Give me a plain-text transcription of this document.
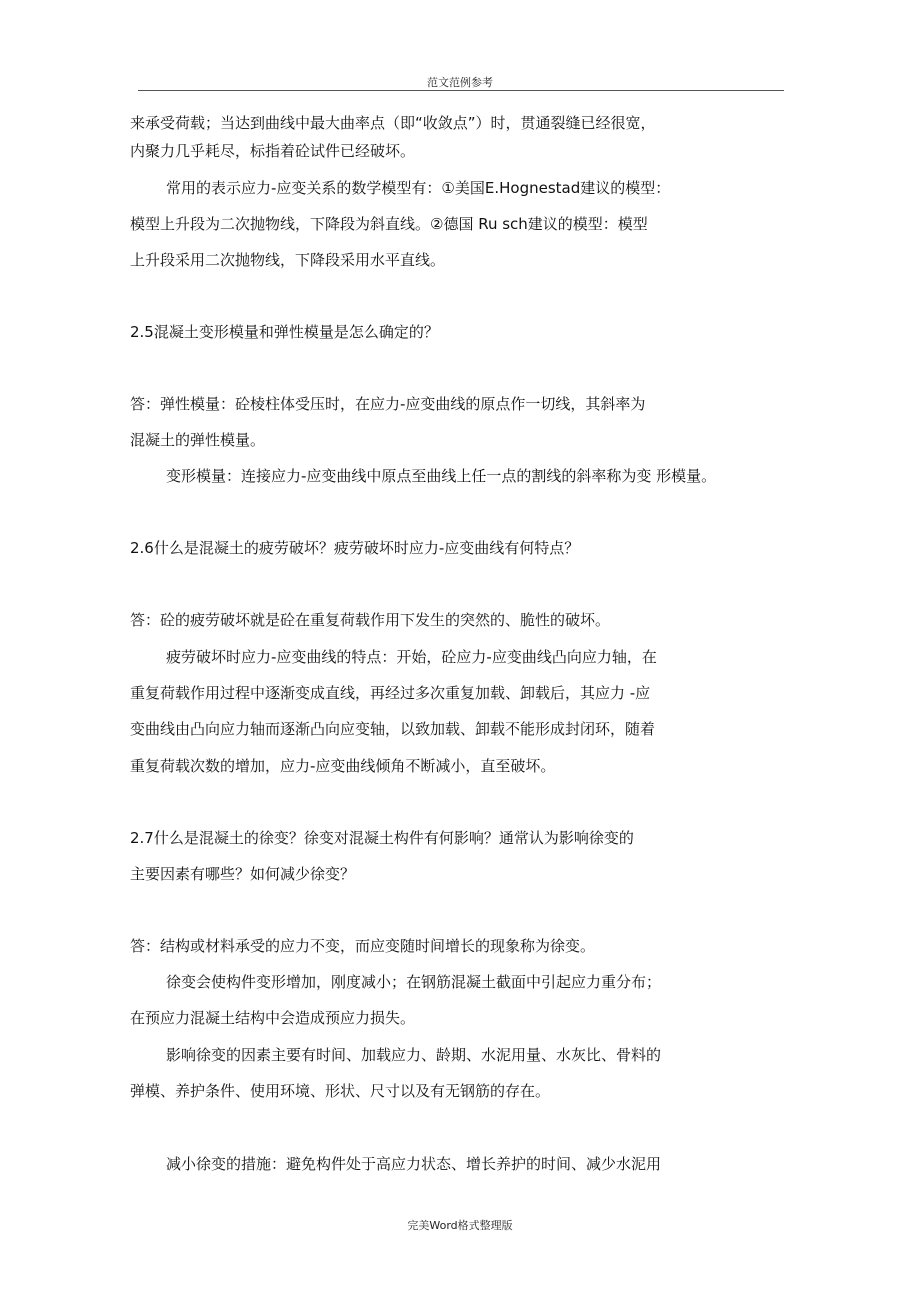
范文范例参考
来承受荷载；当达到曲线中最大曲率点（即“收敛点”）时，贯通裂缝已经很宽，
内聚力几乎耗尽，标指着砼试件已经破坏。
常用的表示应力-应变关系的数学模型有：①美国E.Hognestad建议的模型：
模型上升段为二次抛物线，下降段为斜直线。②德国 Ru sch建议的模型：模型
上升段采用二次抛物线，下降段采用水平直线。
2.5混凝土变形模量和弹性模量是怎么确定的？
答：弹性模量：砼棱柱体受压时，在应力-应变曲线的原点作一切线，其斜率为
混凝土的弹性模量。
变形模量：连接应力-应变曲线中原点至曲线上任一点的割线的斜率称为变 形模量。
2.6什么是混凝土的疲劳破坏？疲劳破坏时应力-应变曲线有何特点？
答：砼的疲劳破坏就是砼在重复荷载作用下发生的突然的、脆性的破坏。
疲劳破坏时应力-应变曲线的特点：开始，砼应力-应变曲线凸向应力轴，在
重复荷载作用过程中逐渐变成直线，再经过多次重复加载、卸载后，其应力 -应
变曲线由凸向应力轴而逐渐凸向应变轴，以致加载、卸载不能形成封闭环，随着
重复荷载次数的增加，应力-应变曲线倾角不断减小，直至破坏。
2.7什么是混凝土的徐变？徐变对混凝土构件有何影响？通常认为影响徐变的
主要因素有哪些？如何减少徐变？
答：结构或材料承受的应力不变，而应变随时间增长的现象称为徐变。
徐变会使构件变形增加，刚度减小；在钢筋混凝土截面中引起应力重分布；
在预应力混凝土结构中会造成预应力损失。
影响徐变的因素主要有时间、加载应力、龄期、水泥用量、水灰比、骨料的
弹模、养护条件、使用环境、形状、尺寸以及有无钢筋的存在。
减小徐变的措施：避免构件处于高应力状态、增长养护的时间、减少水泥用
完美Word格式整理版
